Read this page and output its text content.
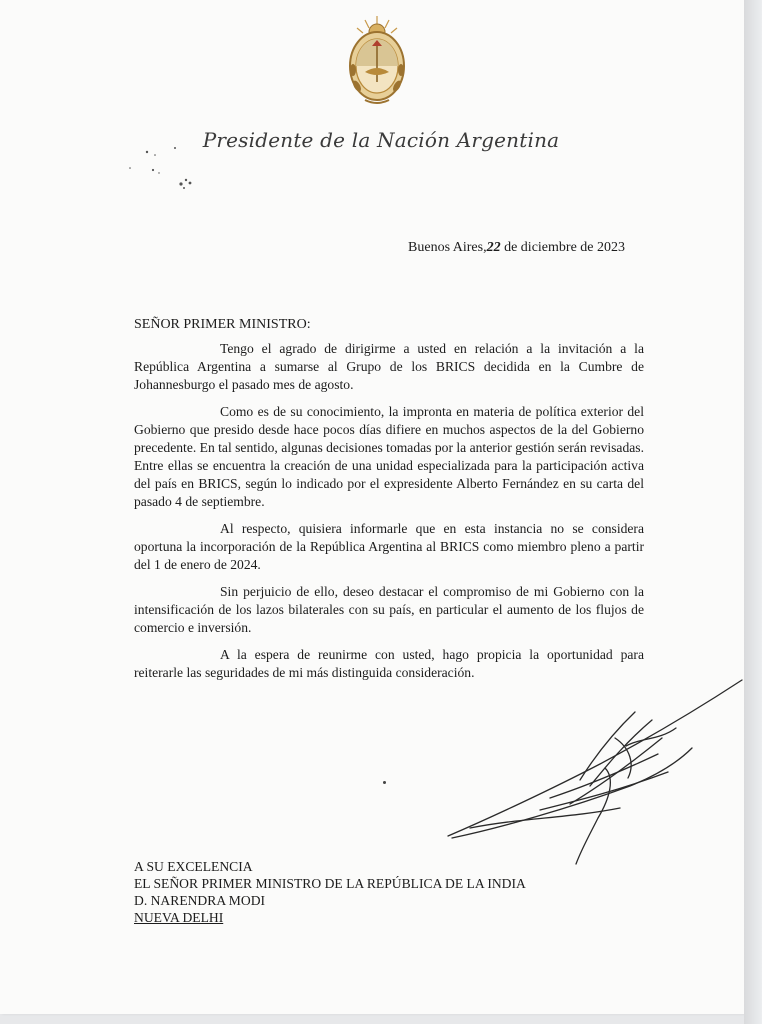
Presidente de la Nación Argentina
Buenos Aires,22 de diciembre de 2023
SEÑOR PRIMER MINISTRO:

Tengo el agrado de dirigirme a usted en relación a la invitación a la República Argentina a sumarse al Grupo de los BRICS decidida en la Cumbre de Johannesburgo el pasado mes de agosto.

Como es de su conocimiento, la impronta en materia de política exterior del Gobierno que presido desde hace pocos días difiere en muchos aspectos de la del Gobierno precedente. En tal sentido, algunas decisiones tomadas por la anterior gestión serán revisadas. Entre ellas se encuentra la creación de una unidad especializada para la participación activa del país en BRICS, según lo indicado por el expresidente Alberto Fernández en su carta del pasado 4 de septiembre.

Al respecto, quisiera informarle que en esta instancia no se considera oportuna la incorporación de la República Argentina al BRICS como miembro pleno a partir del 1 de enero de 2024.

Sin perjuicio de ello, deseo destacar el compromiso de mi Gobierno con la intensificación de los lazos bilaterales con su país, en particular el aumento de los flujos de comercio e inversión.

A la espera de reunirme con usted, hago propicia la oportunidad para reiterarle las seguridades de mi más distinguida consideración.

A SU EXCELENCIA
EL SEÑOR PRIMER MINISTRO DE LA REPÚBLICA DE LA INDIA
D. NARENDRA MODI
NUEVA DELHI
